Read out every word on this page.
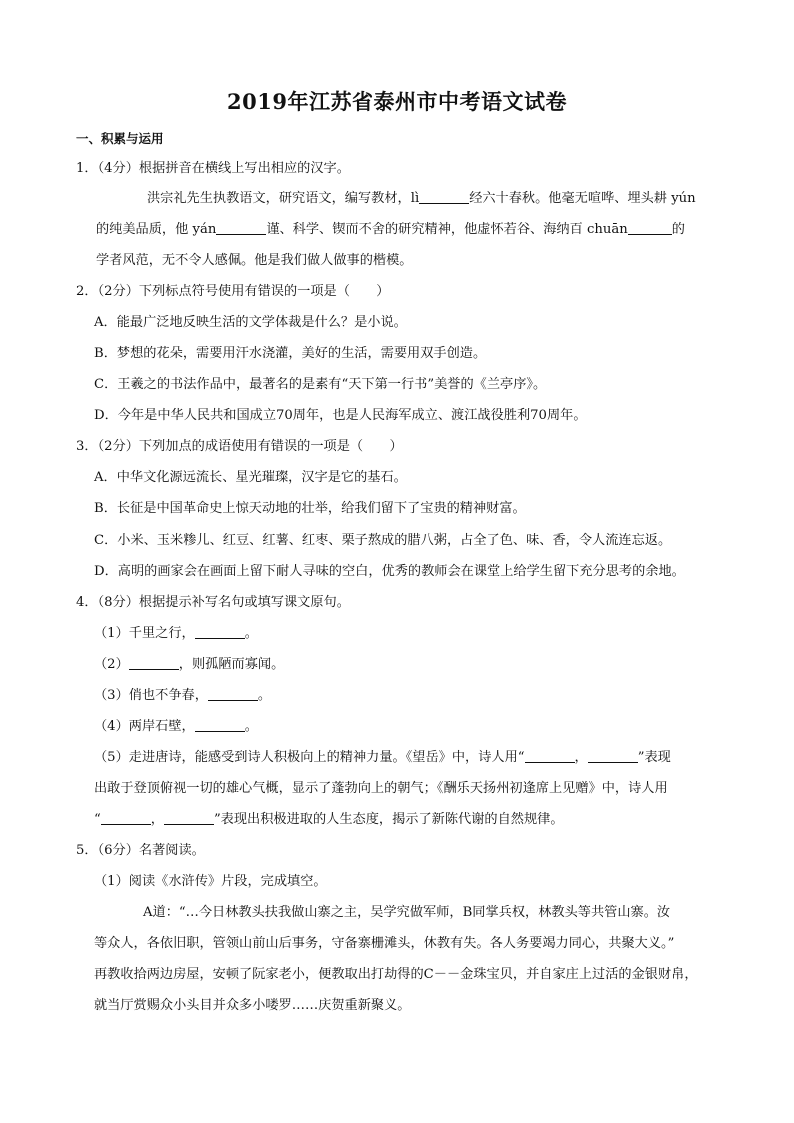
2019年江苏省泰州市中考语文试卷
一、积累与运用
1．（4分）根据拼音在横线上写出相应的汉字。
洪宗礼先生执教语文，研究语文，编写教材，lì	经六十春秋。他毫无喧哗、埋头耕 yún
的纯美品质，他 yán	谨、科学、锲而不舍的研究精神，他虚怀若谷、海纳百 chuān	的
学者风范，无不令人感佩。他是我们做人做事的楷模。
2．（2分）下列标点符号使用有错误的一项是（　　）
A．能最广泛地反映生活的文学体裁是什么？是小说。
B．梦想的花朵，需要用汗水浇灌，美好的生活，需要用双手创造。
C．王羲之的书法作品中，最著名的是素有“天下第一行书”美誉的《兰亭序》。
D．今年是中华人民共和国成立70周年，也是人民海军成立、渡江战役胜利70周年。
3．（2分）下列加点的成语使用有错误的一项是（　　）
A．中华文化源远流长、星光璀璨，汉字是它的基石。
B．长征是中国革命史上惊天动地的壮举，给我们留下了宝贵的精神财富。
C．小米、玉米糁儿、红豆、红薯、红枣、栗子熬成的腊八粥，占全了色、味、香，令人流连忘返。
D．高明的画家会在画面上留下耐人寻味的空白，优秀的教师会在课堂上给学生留下充分思考的余地。
4．（8分）根据提示补写名句或填写课文原句。
（1）千里之行，	。
（2）	，则孤陋而寡闻。
（3）俏也不争春，	。
（4）两岸石壁，	。
（5）走进唐诗，能感受到诗人积极向上的精神力量。《望岳》中，诗人用“	，	”表现
出敢于登顶俯视一切的雄心气概，显示了蓬勃向上的朝气；《酬乐天扬州初逢席上见赠》中，诗人用
“	，	”表现出积极进取的人生态度，揭示了新陈代谢的自然规律。
5．（6分）名著阅读。
（1）阅读《水浒传》片段，完成填空。
A道：“…今日林教头扶我做山寨之主，吴学究做军师，B同掌兵权，林教头等共管山寨。汝
等众人，各依旧职，管领山前山后事务，守备寨栅滩头，休教有失。各人务要竭力同心，共聚大义。”
再教收拾两边房屋，安顿了阮家老小，便教取出打劫得的C－－金珠宝贝，并自家庄上过活的金银财帛，
就当厅赏赐众小头目并众多小喽罗……庆贺重新聚义。
